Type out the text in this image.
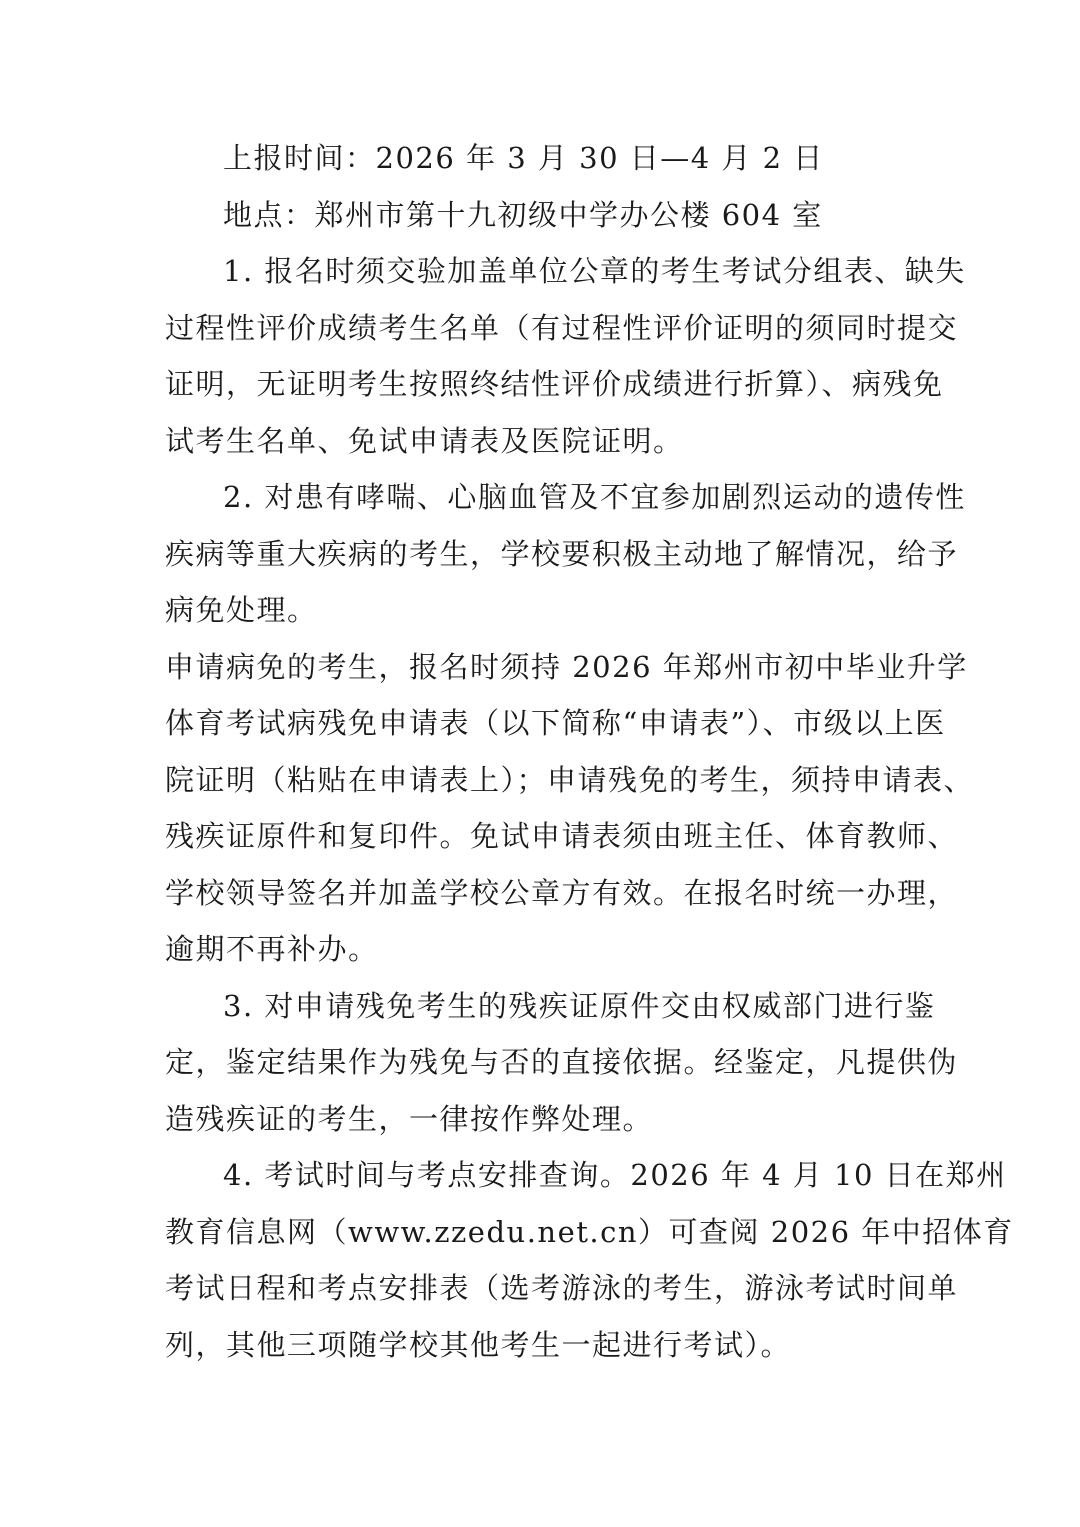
上报时间：2026 年 3 月 30 日—4 月 2 日

地点：郑州市第十九初级中学办公楼 604 室

1. 报名时须交验加盖单位公章的考生考试分组表、缺失
过程性评价成绩考生名单（有过程性评价证明的须同时提交
证明，无证明考生按照终结性评价成绩进行折算）、病残免
试考生名单、免试申请表及医院证明。

2. 对患有哮喘、心脑血管及不宜参加剧烈运动的遗传性
疾病等重大疾病的考生，学校要积极主动地了解情况，给予
病免处理。

申请病免的考生，报名时须持 2026 年郑州市初中毕业升学
体育考试病残免申请表（以下简称“申请表”）、市级以上医
院证明（粘贴在申请表上）；申请残免的考生，须持申请表、
残疾证原件和复印件。免试申请表须由班主任、体育教师、
学校领导签名并加盖学校公章方有效。在报名时统一办理，
逾期不再补办。

3. 对申请残免考生的残疾证原件交由权威部门进行鉴
定，鉴定结果作为残免与否的直接依据。经鉴定，凡提供伪
造残疾证的考生，一律按作弊处理。

4. 考试时间与考点安排查询。2026 年 4 月 10 日在郑州
教育信息网（www.zzedu.net.cn）可查阅 2026 年中招体育
考试日程和考点安排表（选考游泳的考生，游泳考试时间单
列，其他三项随学校其他考生一起进行考试）。
